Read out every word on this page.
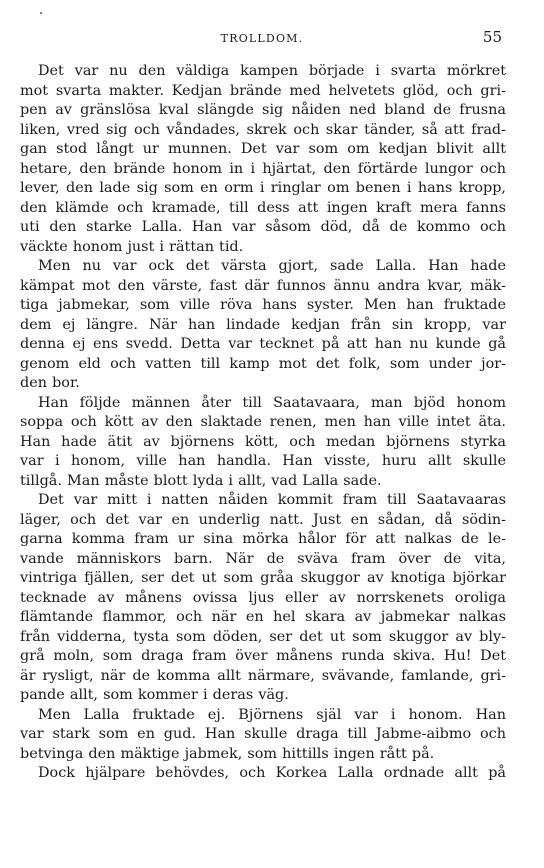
TROLLDOM.	55
Det var nu den väldiga kampen började i svarta mörkret
mot svarta makter. Kedjan brände med helvetets glöd, och gri-
pen av gränslösa kval slängde sig nåiden ned bland de frusna
liken, vred sig och våndades, skrek och skar tänder, så att frad-
gan stod långt ur munnen. Det var som om kedjan blivit allt
hetare, den brände honom in i hjärtat, den förtärde lungor och
lever, den lade sig som en orm i ringlar om benen i hans kropp,
den klämde och kramade, till dess att ingen kraft mera fanns
uti den starke Lalla. Han var såsom död, då de kommo och
väckte honom just i rättan tid.
Men nu var ock det värsta gjort, sade Lalla. Han hade
kämpat mot den värste, fast där funnos ännu andra kvar, mäk-
tiga jabmekar, som ville röva hans syster. Men han fruktade
dem ej längre. När han lindade kedjan från sin kropp, var
denna ej ens svedd. Detta var tecknet på att han nu kunde gå
genom eld och vatten till kamp mot det folk, som under jor-
den bor.
Han följde männen åter till Saatavaara, man bjöd honom
soppa och kött av den slaktade renen, men han ville intet äta.
Han hade ätit av björnens kött, och medan björnens styrka
var i honom, ville han handla. Han visste, huru allt skulle
tillgå. Man måste blott lyda i allt, vad Lalla sade.
Det var mitt i natten nåiden kommit fram till Saatavaaras
läger, och det var en underlig natt. Just en sådan, då södin-
garna komma fram ur sina mörka hålor för att nalkas de le-
vande människors barn. När de sväva fram över de vita,
vintriga fjällen, ser det ut som gråa skuggor av knotiga björkar
tecknade av månens ovissa ljus eller av norrskenets oroliga
flämtande flammor, och när en hel skara av jabmekar nalkas
från vidderna, tysta som döden, ser det ut som skuggor av bly-
grå moln, som draga fram över månens runda skiva. Hu! Det
är rysligt, när de komma allt närmare, svävande, famlande, gri-
pande allt, som kommer i deras väg.
Men Lalla fruktade ej. Björnens själ var i honom. Han
var stark som en gud. Han skulle draga till Jabme-aibmo och
betvinga den mäktige jabmek, som hittills ingen rått på.
Dock hjälpare behövdes, och Korkea Lalla ordnade allt på
